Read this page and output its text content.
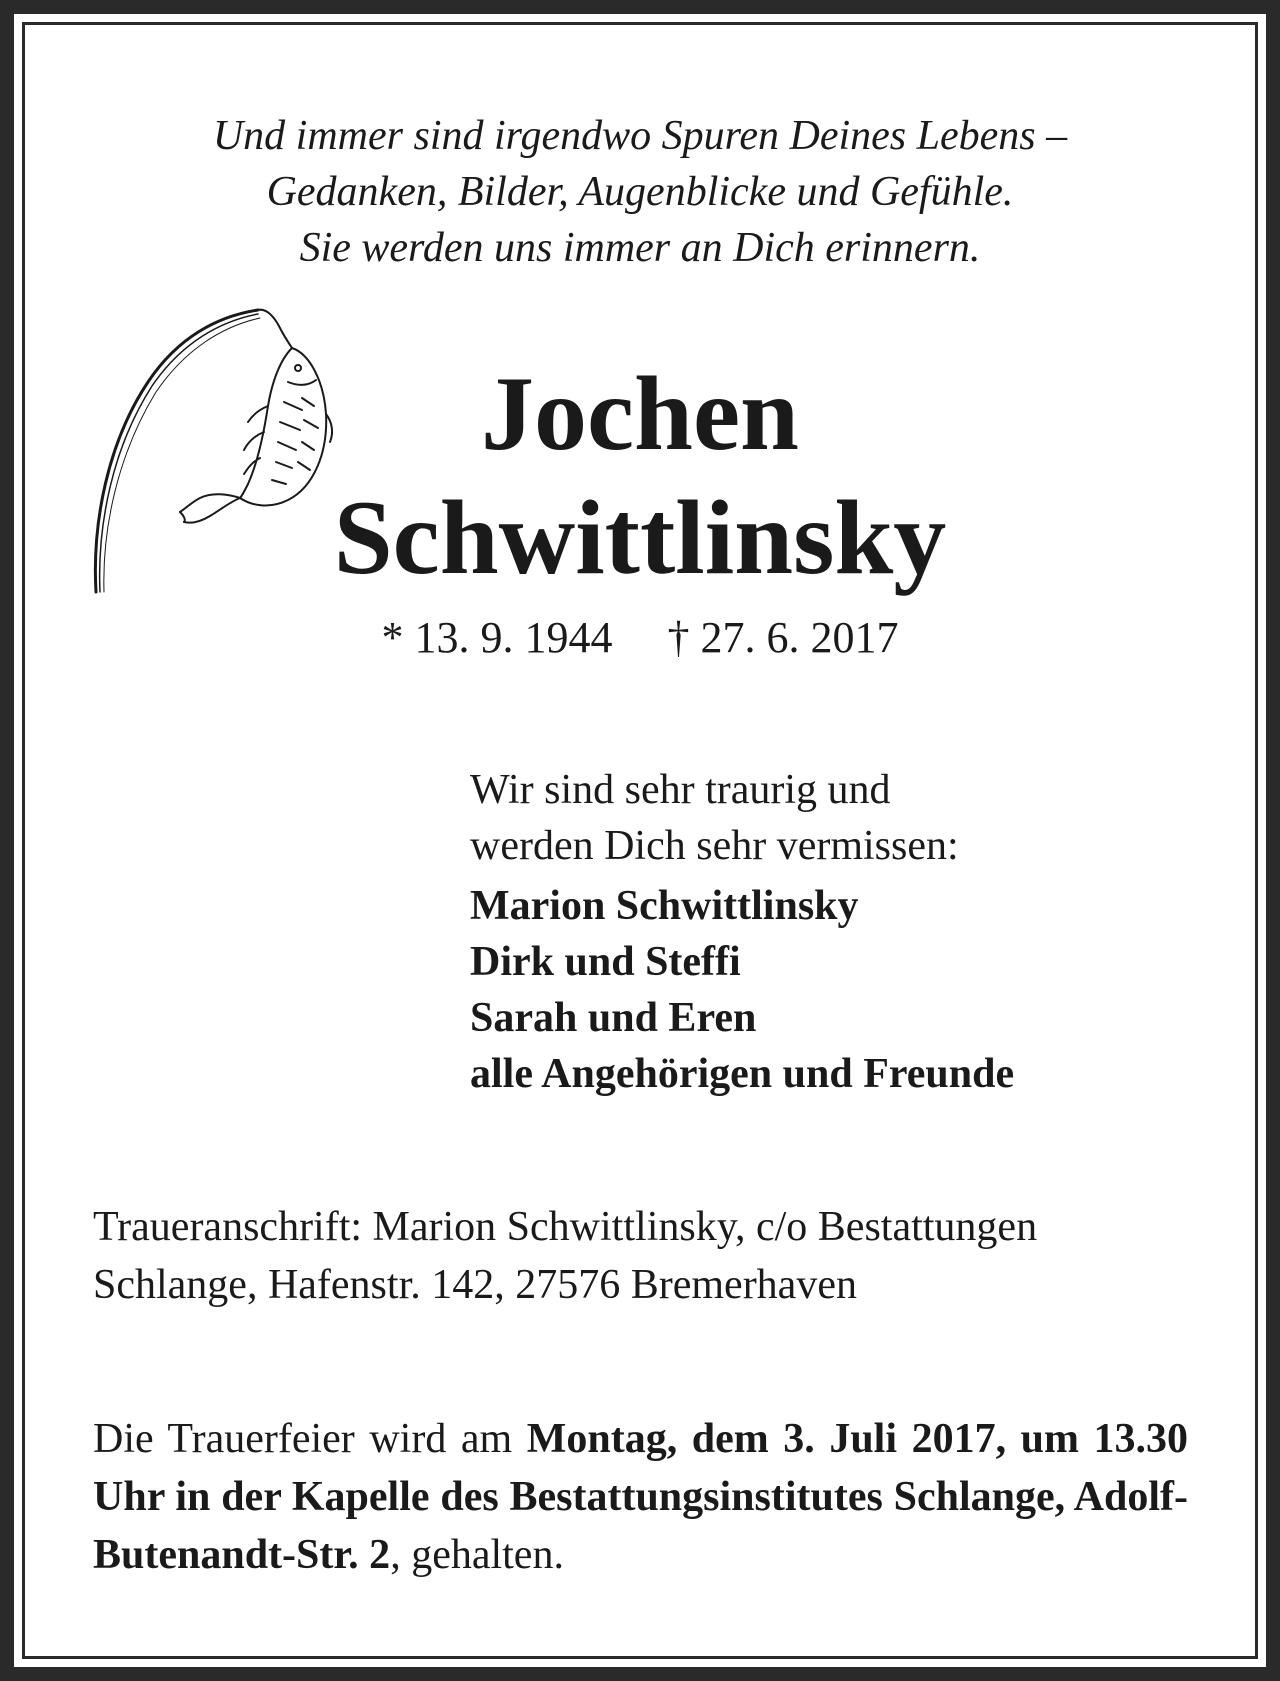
Und immer sind irgendwo Spuren Deines Lebens –
Gedanken, Bilder, Augenblicke und Gefühle.
Sie werden uns immer an Dich erinnern.
Jochen
Schwittlinsky
* 13. 9. 1944     † 27. 6. 2017
Wir sind sehr traurig und
werden Dich sehr vermissen:
Marion Schwittlinsky
Dirk und Steffi
Sarah und Eren
alle Angehörigen und Freunde
Traueranschrift: Marion Schwittlinsky, c/o Bestattungen
Schlange, Hafenstr. 142, 27576 Bremerhaven
Die Trauerfeier wird am Montag, dem 3. Juli 2017, um 13.30 Uhr in der Kapelle des Bestattungsinstitutes Schlange, Adolf-Butenandt-Str. 2, gehalten.
